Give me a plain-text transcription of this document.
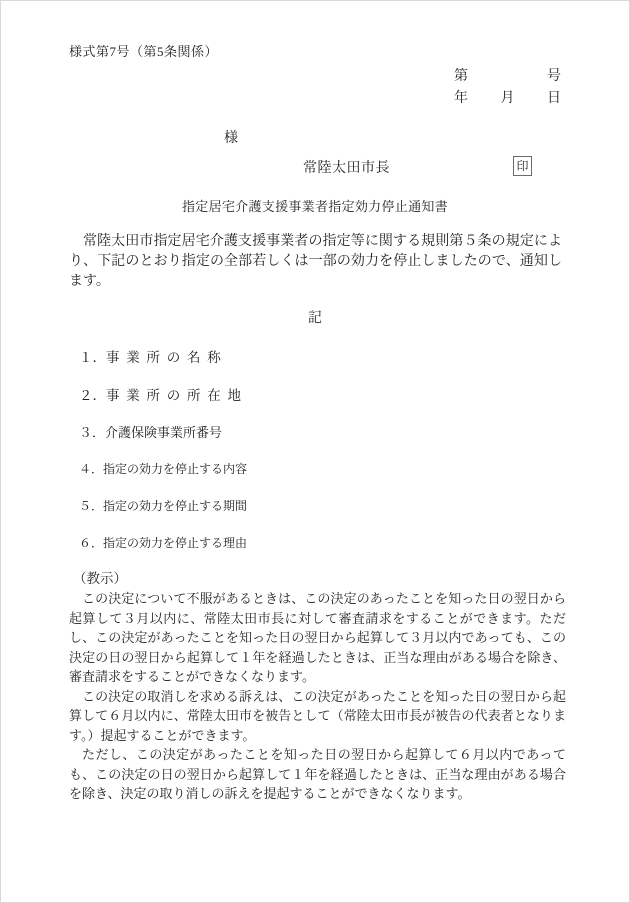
様式第7号（第5条関係）
第	号
年 月 日
様
常陸太田市長	印
指定居宅介護支援事業者指定効力停止通知書
常陸太田市指定居宅介護支援事業者の指定等に関する規則第５条の規定により、下記のとおり指定の全部若しくは一部の効力を停止しましたので、通知します。
記
１．事業所の名称
２．事業所の所在地
３．介護保険事業所番号
４．指定の効力を停止する内容
５．指定の効力を停止する期間
６．指定の効力を停止する理由
（教示）

この決定について不服があるときは、この決定のあったことを知った日の翌日から起算して３月以内に、常陸太田市長に対して審査請求をすることができます。ただし、この決定があったことを知った日の翌日から起算して３月以内であっても、この決定の日の翌日から起算して１年を経過したときは、正当な理由がある場合を除き、審査請求をすることができなくなります。

この決定の取消しを求める訴えは、この決定があったことを知った日の翌日から起算して６月以内に、常陸太田市を被告として（常陸太田市長が被告の代表者となります。）提起することができます。

ただし、この決定があったことを知った日の翌日から起算して６月以内であっても、この決定の日の翌日から起算して１年を経過したときは、正当な理由がある場合を除き、決定の取り消しの訴えを提起することができなくなります。
